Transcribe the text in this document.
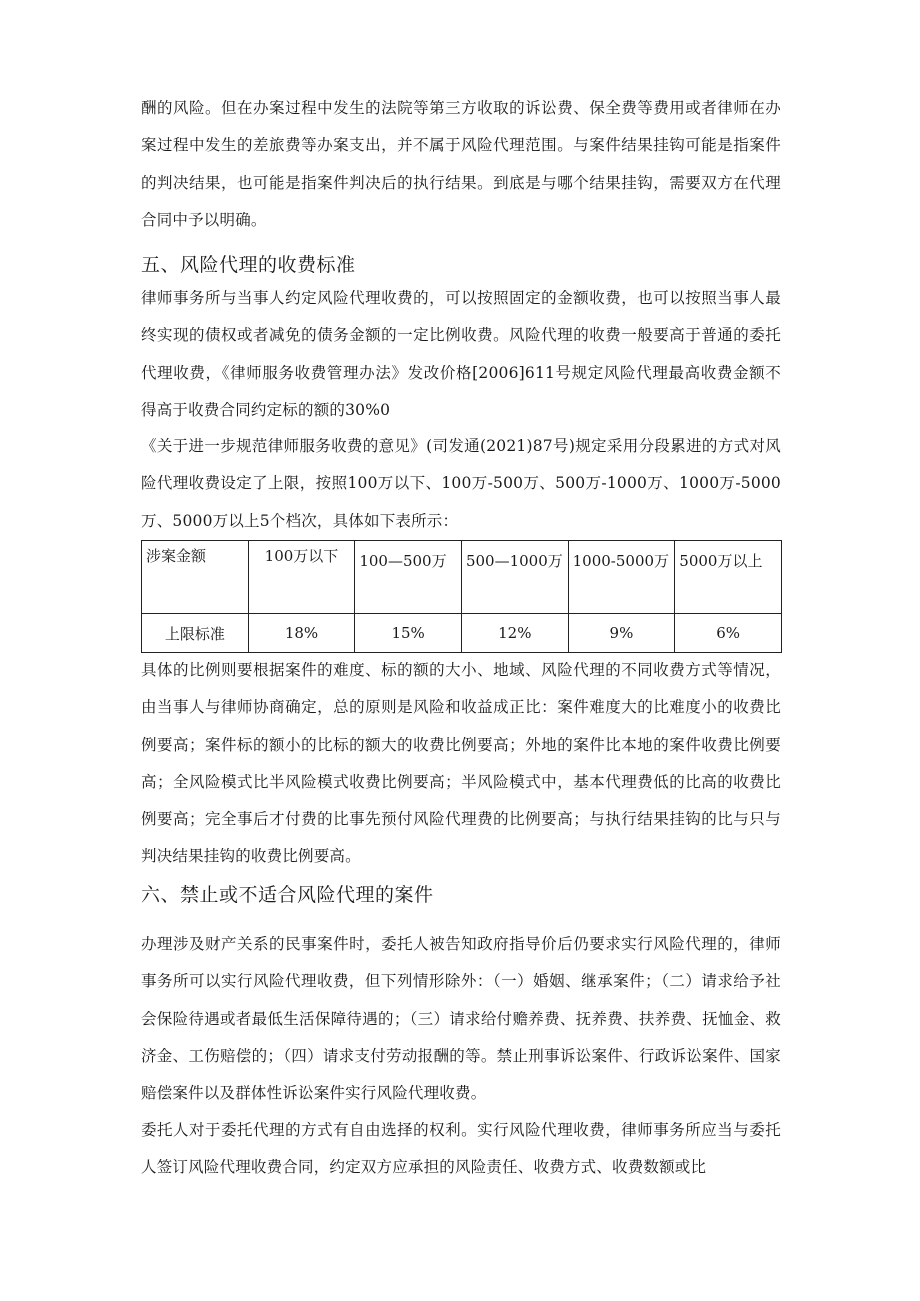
酬的风险。但在办案过程中发生的法院等第三方收取的诉讼费、保全费等费用或者律师在办案过程中发生的差旅费等办案支出，并不属于风险代理范围。与案件结果挂钩可能是指案件的判决结果，也可能是指案件判决后的执行结果。到底是与哪个结果挂钩，需要双方在代理合同中予以明确。

五、风险代理的收费标准

律师事务所与当事人约定风险代理收费的，可以按照固定的金额收费，也可以按照当事人最终实现的债权或者减免的债务金额的一定比例收费。风险代理的收费一般要高于普通的委托代理收费，《律师服务收费管理办法》发改价格[2006]611号规定风险代理最高收费金额不得高于收费合同约定标的额的30%0

《关于进一步规范律师服务收费的意见》(司发通(2021)87号)规定采用分段累进的方式对风险代理收费设定了上限，按照100万以下、100万-500万、500万-1000万、1000万-5000万、5000万以上5个档次，具体如下表所示：

涉案金额	100万以下	100—500万	500—1000万	1000-5000万	5000万以上
上限标准	18%	15%	12%	9%	6%

具体的比例则要根据案件的难度、标的额的大小、地域、风险代理的不同收费方式等情况，由当事人与律师协商确定，总的原则是风险和收益成正比：案件难度大的比难度小的收费比例要高；案件标的额小的比标的额大的收费比例要高；外地的案件比本地的案件收费比例要高；全风险模式比半风险模式收费比例要高；半风险模式中，基本代理费低的比高的收费比例要高；完全事后才付费的比事先预付风险代理费的比例要高；与执行结果挂钩的比与只与判决结果挂钩的收费比例要高。

六、禁止或不适合风险代理的案件

办理涉及财产关系的民事案件时，委托人被告知政府指导价后仍要求实行风险代理的，律师事务所可以实行风险代理收费，但下列情形除外：（一）婚姻、继承案件；（二）请求给予社会保险待遇或者最低生活保障待遇的；（三）请求给付赡养费、抚养费、扶养费、抚恤金、救济金、工伤赔偿的；（四）请求支付劳动报酬的等。禁止刑事诉讼案件、行政诉讼案件、国家赔偿案件以及群体性诉讼案件实行风险代理收费。

委托人对于委托代理的方式有自由选择的权利。实行风险代理收费，律师事务所应当与委托人签订风险代理收费合同，约定双方应承担的风险责任、收费方式、收费数额或比
